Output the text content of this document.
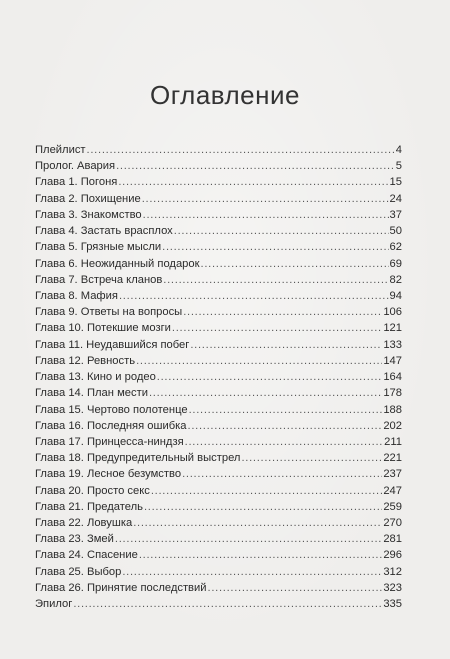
Оглавление
Плейлист . . .	4
Пролог. Авария . . .	5
Глава 1. Погоня . . .	15
Глава 2. Похищение . . .	24
Глава 3. Знакомство . . .	37
Глава 4. Застать врасплох . . .	50
Глава 5. Грязные мысли . . .	62
Глава 6. Неожиданный подарок . . .	69
Глава 7. Встреча кланов . . .	82
Глава 8. Мафия . . .	94
Глава 9. Ответы на вопросы . . .	106
Глава 10. Потекшие мозги . . .	121
Глава 11. Неудавшийся побег . . .	133
Глава 12. Ревность . . .	147
Глава 13. Кино и родео . . .	164
Глава 14. План мести . . .	178
Глава 15. Чертово полотенце . . .	188
Глава 16. Последняя ошибка . . .	202
Глава 17. Принцесса-ниндзя . . .	211
Глава 18. Предупредительный выстрел . . .	221
Глава 19. Лесное безумство . . .	237
Глава 20. Просто секс . . .	247
Глава 21. Предатель . . .	259
Глава 22. Ловушка . . .	270
Глава 23. Змей . . .	281
Глава 24. Спасение . . .	296
Глава 25. Выбор . . .	312
Глава 26. Принятие последствий . . .	323
Эпилог . . .	335
